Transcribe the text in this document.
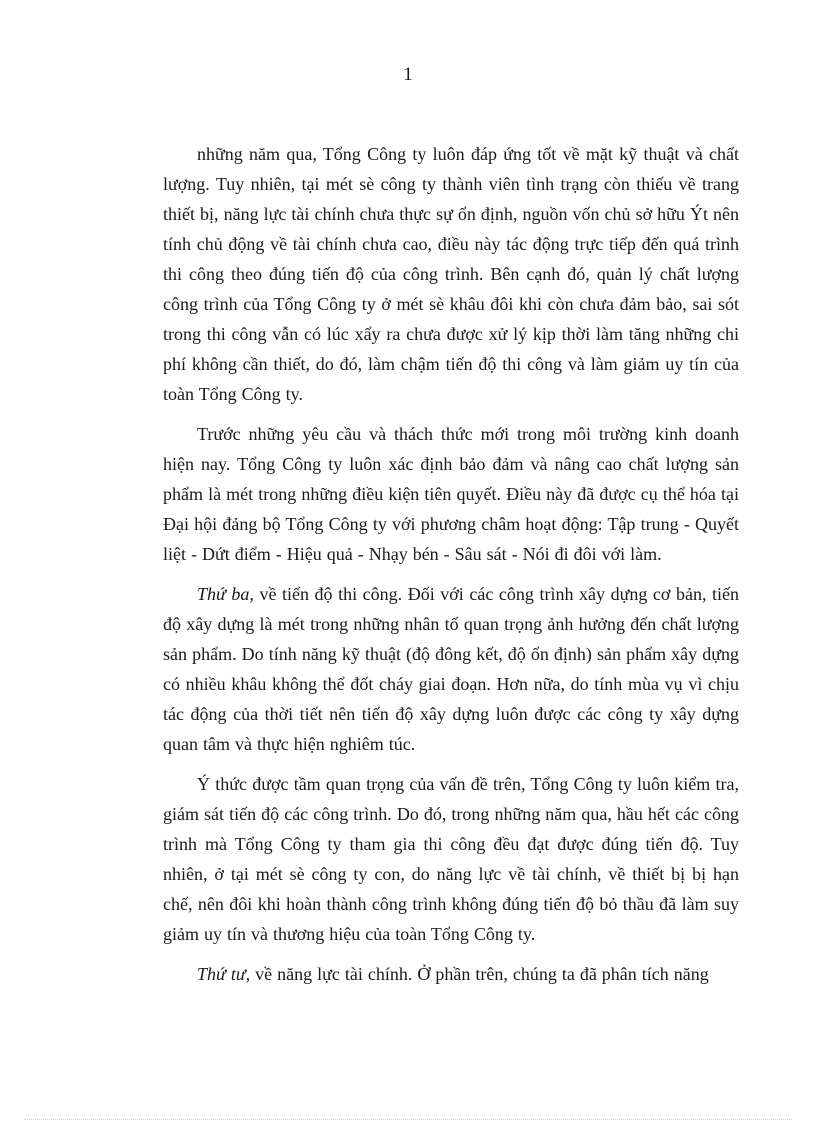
1

những năm qua, Tổng Công ty luôn đáp ứng tốt về mặt kỹ thuật và chất lượng. Tuy nhiên, tại mét sè công ty thành viên tình trạng còn thiếu về trang thiết bị, năng lực tài chính chưa thực sự ổn định, nguồn vốn chủ sở hữu Ýt nên tính chủ động về tài chính chưa cao, điều này tác động trực tiếp đến quá trình thi công theo đúng tiến độ của công trình. Bên cạnh đó, quản lý chất lượng công trình của Tổng Công ty ở mét sè khâu đôi khi còn chưa đảm bảo, sai sót trong thi công vẫn có lúc xẩy ra chưa được xử lý kịp thời làm tăng những chi phí không cần thiết, do đó, làm chậm tiến độ thi công và làm giảm uy tín của toàn Tổng Công ty.

Trước những yêu cầu và thách thức mới trong môi trường kinh doanh hiện nay. Tổng Công ty luôn xác định bảo đảm và nâng cao chất lượng sản phẩm là mét trong những điều kiện tiên quyết. Điều này đã được cụ thể hóa tại Đại hội đảng bộ Tổng Công ty với phương châm hoạt động: Tập trung - Quyết liệt - Dứt điểm - Hiệu quả - Nhạy bén - Sâu sát - Nói đi đôi với làm.

Thứ ba, về tiến độ thi công. Đối với các công trình xây dựng cơ bản, tiến độ xây dựng là mét trong những nhân tố quan trọng ảnh hưởng đến chất lượng sản phẩm. Do tính năng kỹ thuật (độ đông kết, độ ổn định) sản phẩm xây dựng có nhiều khâu không thể đốt cháy giai đoạn. Hơn nữa, do tính mùa vụ vì chịu tác động của thời tiết nên tiến độ xây dựng luôn được các công ty xây dựng quan tâm và thực hiện nghiêm túc.

Ý thức được tầm quan trọng của vấn đề trên, Tổng Công ty luôn kiểm tra, giám sát tiến độ các công trình. Do đó, trong những năm qua, hầu hết các công trình mà Tổng Công ty tham gia thi công đều đạt được đúng tiến độ. Tuy nhiên, ở tại mét sè công ty con, do năng lực về tài chính, về thiết bị bị hạn chế, nên đôi khi hoàn thành công trình không đúng tiến độ bỏ thầu đã làm suy giảm uy tín và thương hiệu của toàn Tổng Công ty.

Thứ tư, về năng lực tài chính. Ở phần trên, chúng ta đã phân tích năng
